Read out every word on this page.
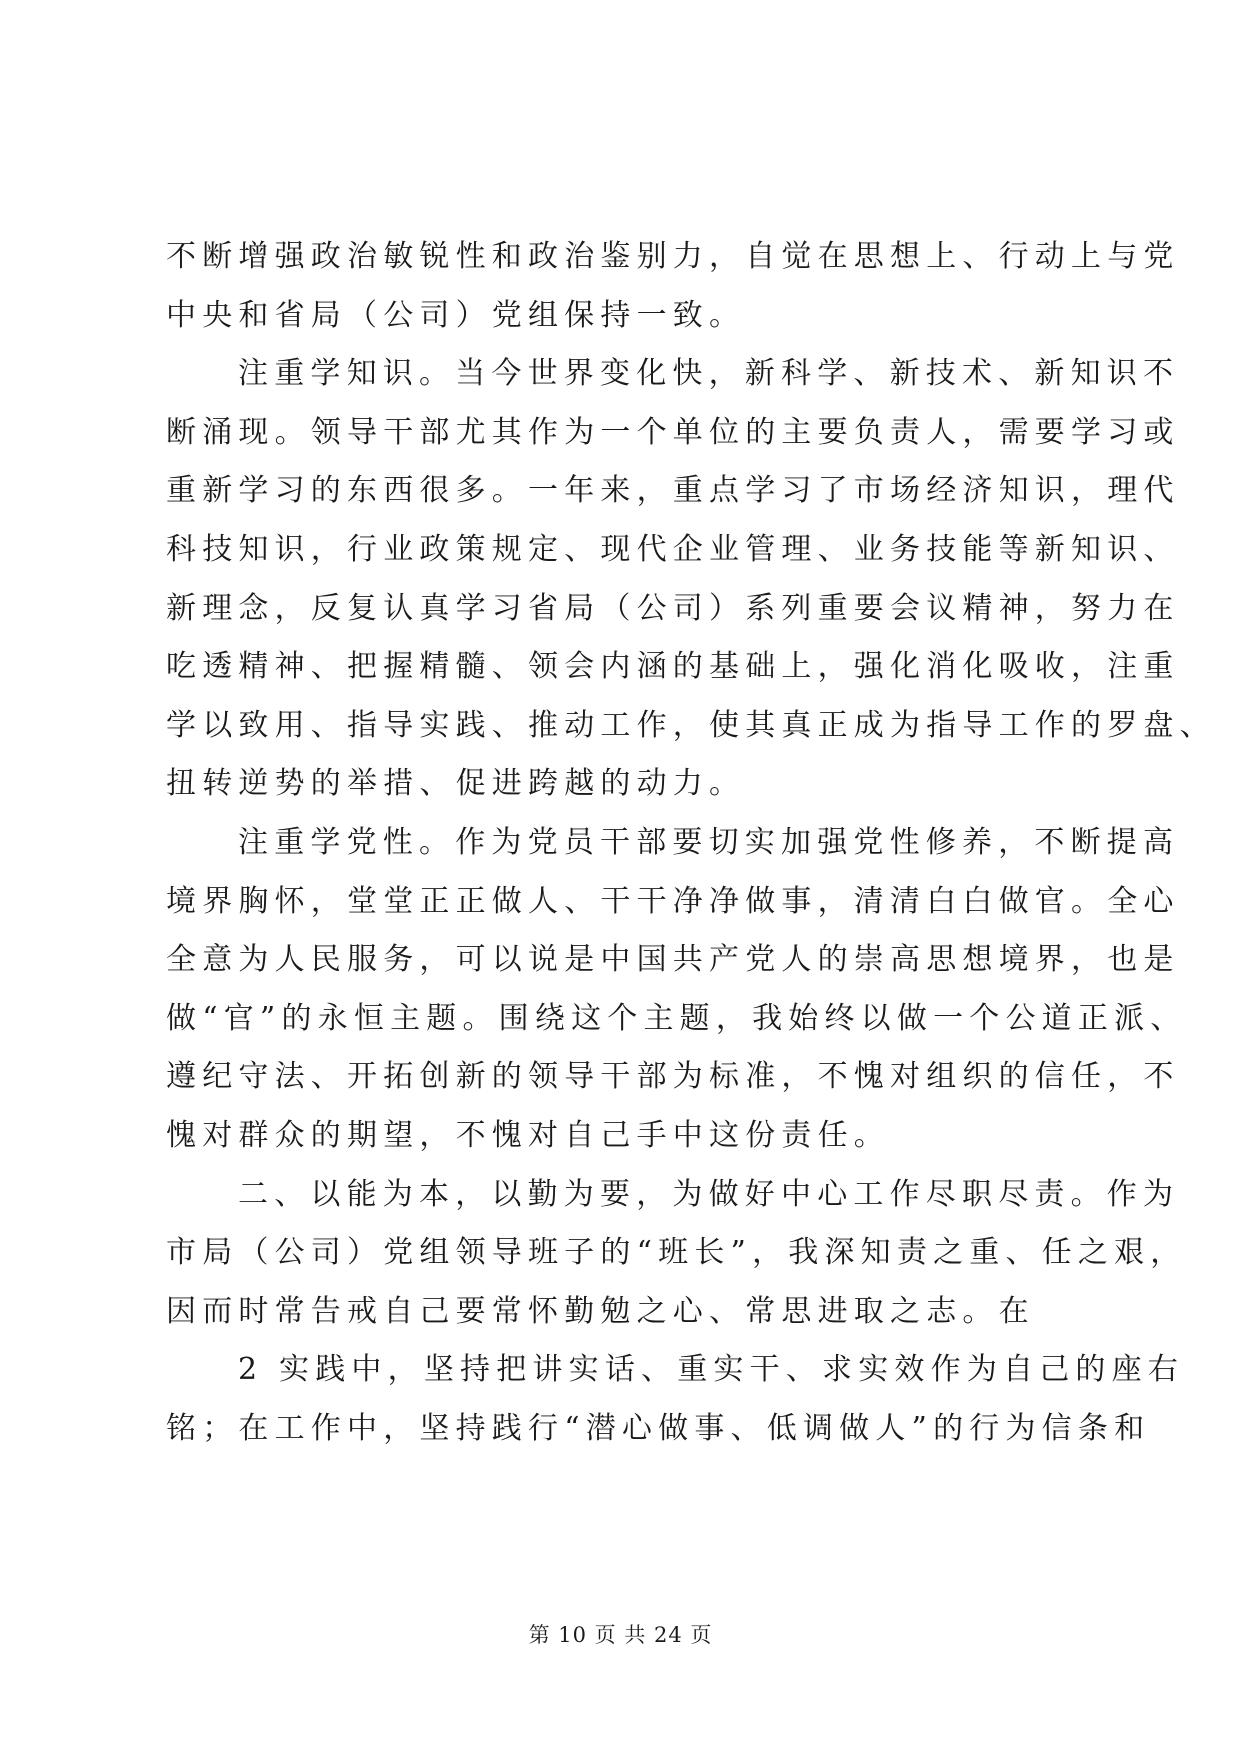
不断增强政治敏锐性和政治鉴别力，自觉在思想上、行动上与党
中央和省局（公司）党组保持一致。
注重学知识。当今世界变化快，新科学、新技术、新知识不
断涌现。领导干部尤其作为一个单位的主要负责人，需要学习或
重新学习的东西很多。一年来，重点学习了市场经济知识，理代
科技知识，行业政策规定、现代企业管理、业务技能等新知识、
新理念，反复认真学习省局（公司）系列重要会议精神，努力在
吃透精神、把握精髓、领会内涵的基础上，强化消化吸收，注重
学以致用、指导实践、推动工作，使其真正成为指导工作的罗盘、
扭转逆势的举措、促进跨越的动力。
注重学党性。作为党员干部要切实加强党性修养，不断提高
境界胸怀，堂堂正正做人、干干净净做事，清清白白做官。全心
全意为人民服务，可以说是中国共产党人的崇高思想境界，也是
做“官”的永恒主题。围绕这个主题，我始终以做一个公道正派、
遵纪守法、开拓创新的领导干部为标准，不愧对组织的信任，不
愧对群众的期望，不愧对自己手中这份责任。
二、以能为本，以勤为要，为做好中心工作尽职尽责。作为
市局（公司）党组领导班子的“班长”，我深知责之重、任之艰，
因而时常告戒自己要常怀勤勉之心、常思进取之志。在
2 实践中，坚持把讲实话、重实干、求实效作为自己的座右
铭；在工作中，坚持践行“潜心做事、低调做人”的行为信条和
第 10 页 共 24 页
